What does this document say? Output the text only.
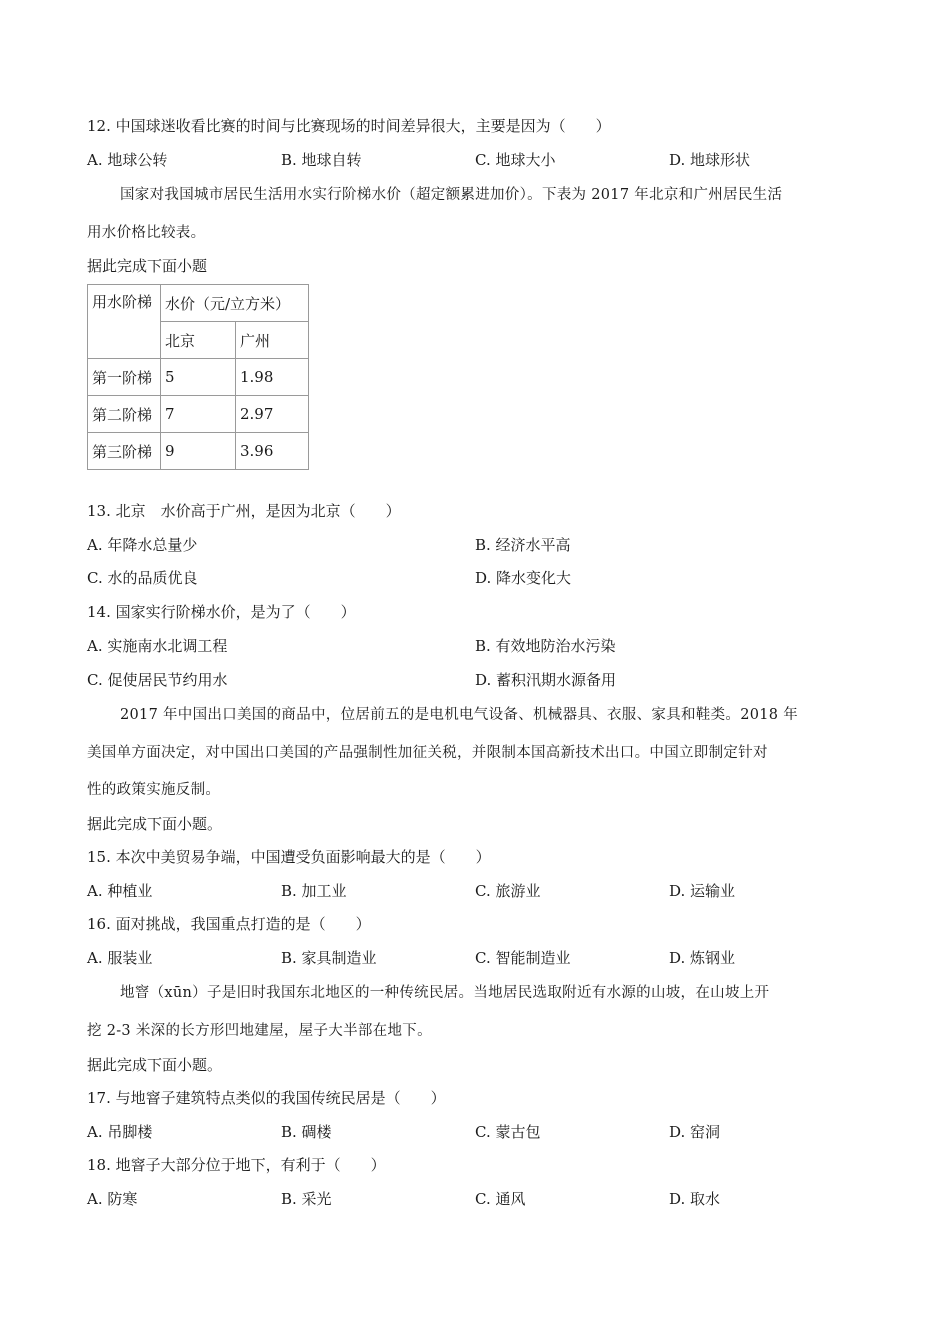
12. 中国球迷收看比赛的时间与比赛现场的时间差异很大，主要是因为（　　）
A. 地球公转	B. 地球自转	C. 地球大小	D. 地球形状
国家对我国城市居民生活用水实行阶梯水价（超定额累进加价）。下表为 2017 年北京和广州居民生活
用水价格比较表。
据此完成下面小题
用水阶梯	水价（元/立方米）	
	北京	广州
第一阶梯	5	1.98
第二阶梯	7	2.97
第三阶梯	9	3.96
13. 北京　水价高于广州，是因为北京（　　）
A. 年降水总量少	B. 经济水平高
C. 水的品质优良	D. 降水变化大
14. 国家实行阶梯水价，是为了（　　）
A. 实施南水北调工程	B. 有效地防治水污染
C. 促使居民节约用水	D. 蓄积汛期水源备用
2017 年中国出口美国的商品中，位居前五的是电机电气设备、机械器具、衣服、家具和鞋类。2018 年
美国单方面决定，对中国出口美国的产品强制性加征关税，并限制本国高新技术出口。中国立即制定针对
性的政策实施反制。
据此完成下面小题。
15. 本次中美贸易争端，中国遭受负面影响最大的是（　　）
A. 种植业	B. 加工业	C. 旅游业	D. 运输业
16. 面对挑战，我国重点打造的是（　　）
A. 服装业	B. 家具制造业	C. 智能制造业	D. 炼钢业
地窨（xūn）子是旧时我国东北地区的一种传统民居。当地居民选取附近有水源的山坡，在山坡上开
挖 2-3 米深的长方形凹地建屋，屋子大半部在地下。
据此完成下面小题。
17. 与地窨子建筑特点类似的我国传统民居是（　　）
A. 吊脚楼	B. 碉楼	C. 蒙古包	D. 窑洞
18. 地窨子大部分位于地下，有利于（　　）
A. 防寒	B. 采光	C. 通风	D. 取水
